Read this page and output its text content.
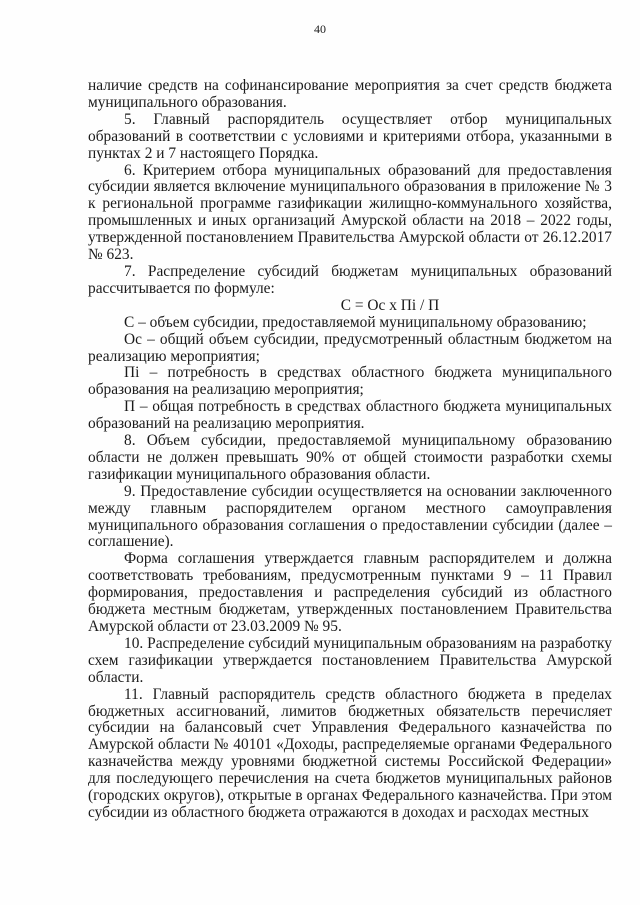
40

наличие средств на софинансирование мероприятия за счет средств бюджета муниципального образования.

5. Главный распорядитель осуществляет отбор муниципальных образований в соответствии с условиями и критериями отбора, указанными в пунктах 2 и 7 настоящего Порядка.

6. Критерием отбора муниципальных образований для предоставления субсидии является включение муниципального образования в приложение № 3 к региональной программе газификации жилищно-коммунального хозяйства, промышленных и иных организаций Амурской области на 2018 – 2022 годы, утвержденной постановлением Правительства Амурской области от 26.12.2017 № 623.

7. Распределение субсидий бюджетам муниципальных образований рассчитывается по формуле:

С = Ос х Пi / П

С – объем субсидии, предоставляемой муниципальному образованию;

Ос – общий объем субсидии, предусмотренный областным бюджетом на реализацию мероприятия;

Пi – потребность в средствах областного бюджета муниципального образования на реализацию мероприятия;

П – общая потребность в средствах областного бюджета муниципальных образований на реализацию мероприятия.

8. Объем субсидии, предоставляемой муниципальному образованию области не должен превышать 90% от общей стоимости разработки схемы газификации муниципального образования области.

9. Предоставление субсидии осуществляется на основании заключенного между главным распорядителем органом местного самоуправления муниципального образования соглашения о предоставлении субсидии (далее – соглашение).

Форма соглашения утверждается главным распорядителем и должна соответствовать требованиям, предусмотренным пунктами 9 – 11 Правил формирования, предоставления и распределения субсидий из областного бюджета местным бюджетам, утвержденных постановлением Правительства Амурской области от 23.03.2009 № 95.

10. Распределение субсидий муниципальным образованиям на разработку схем газификации утверждается постановлением Правительства Амурской области.

11. Главный распорядитель средств областного бюджета в пределах бюджетных ассигнований, лимитов бюджетных обязательств перечисляет субсидии на балансовый счет Управления Федерального казначейства по Амурской области № 40101 «Доходы, распределяемые органами Федерального казначейства между уровнями бюджетной системы Российской Федерации» для последующего перечисления на счета бюджетов муниципальных районов (городских округов), открытые в органах Федерального казначейства. При этом субсидии из областного бюджета отражаются в доходах и расходах местных
